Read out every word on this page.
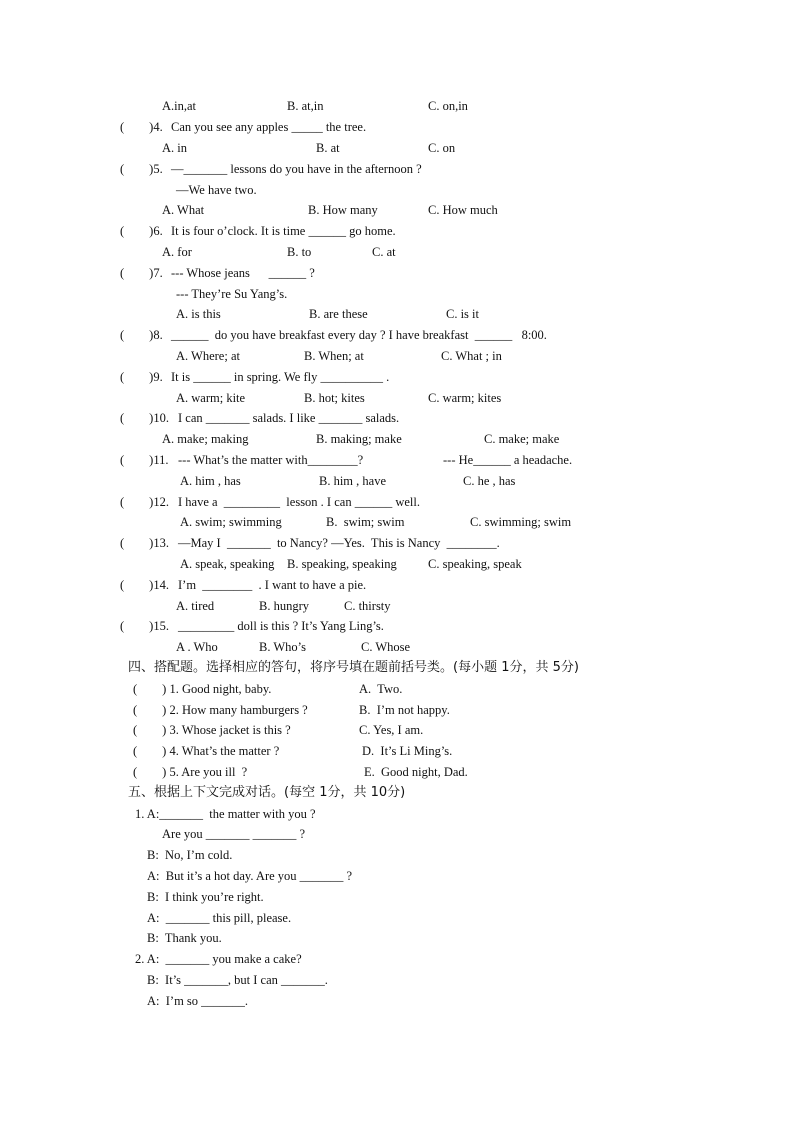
A.in,at	B. at,in	C. on,in
(        )4. Can you see any apples _____ the tree.
A. in	B. at	C. on
(        )5. —_______ lessons do you have in the afternoon ?
—We have two.
A. What	B. How many	C. How much
(        )6. It is four o’clock. It is time ______ go home.
A. for	B. to	C. at
(        )7. --- Whose jeans      ______ ?
--- They’re Su Yang’s.
A. is this	B. are these	C. is it
(        )8. ______  do you have breakfast every day ? I have breakfast  ______   8:00.
A. Where; at	B. When; at	C. What ; in
(        )9. It is ______ in spring. We fly __________ .
A. warm; kite	B. hot; kites	C. warm; kites
(        )10. I can _______ salads. I like _______ salads.
A. make; making	B. making; make	C. make; make
(        )11. --- What’s the matter with________?	--- He______ a headache.
A. him , has	B. him , have	C. he , has
(        )12. I have a  _________  lesson . I can ______ well.
A. swim; swimming	B.  swim; swim	C. swimming; swim
(        )13. —May I  _______  to Nancy? —Yes.  This is Nancy  ________.
A. speak, speaking B. speaking, speaking	C. speaking, speak
(        )14. I’m  ________  . I want to have a pie.
A. tired	B. hungry	C. thirsty
(        )15. _________ doll is this ? It’s Yang Ling’s.
A . Who	B. Who’s	C. Whose
四、搭配题。选择相应的答句，将序号填在题前括号类。(每小题 1分，共 5分)
(        ) 1. Good night, baby.	A.  Two.
(        ) 2. How many hamburgers ?	B.  I’m not happy.
(        ) 3. Whose jacket is this ?	C. Yes, I am.
(        ) 4. What’s the matter ?	D.  It’s Li Ming’s.
(        ) 5. Are you ill  ?	E.  Good night, Dad.
五、根据上下文完成对话。(每空 1分，共 10分)
1. A:_______  the matter with you ?
Are you _______ _______ ?
B:  No, I’m cold.
A:  But it’s a hot day. Are you _______ ?
B:  I think you’re right.
A:  _______ this pill, please.
B:  Thank you.
2. A:  _______ you make a cake?
B:  It’s _______, but I can _______.
A:  I’m so _______.
